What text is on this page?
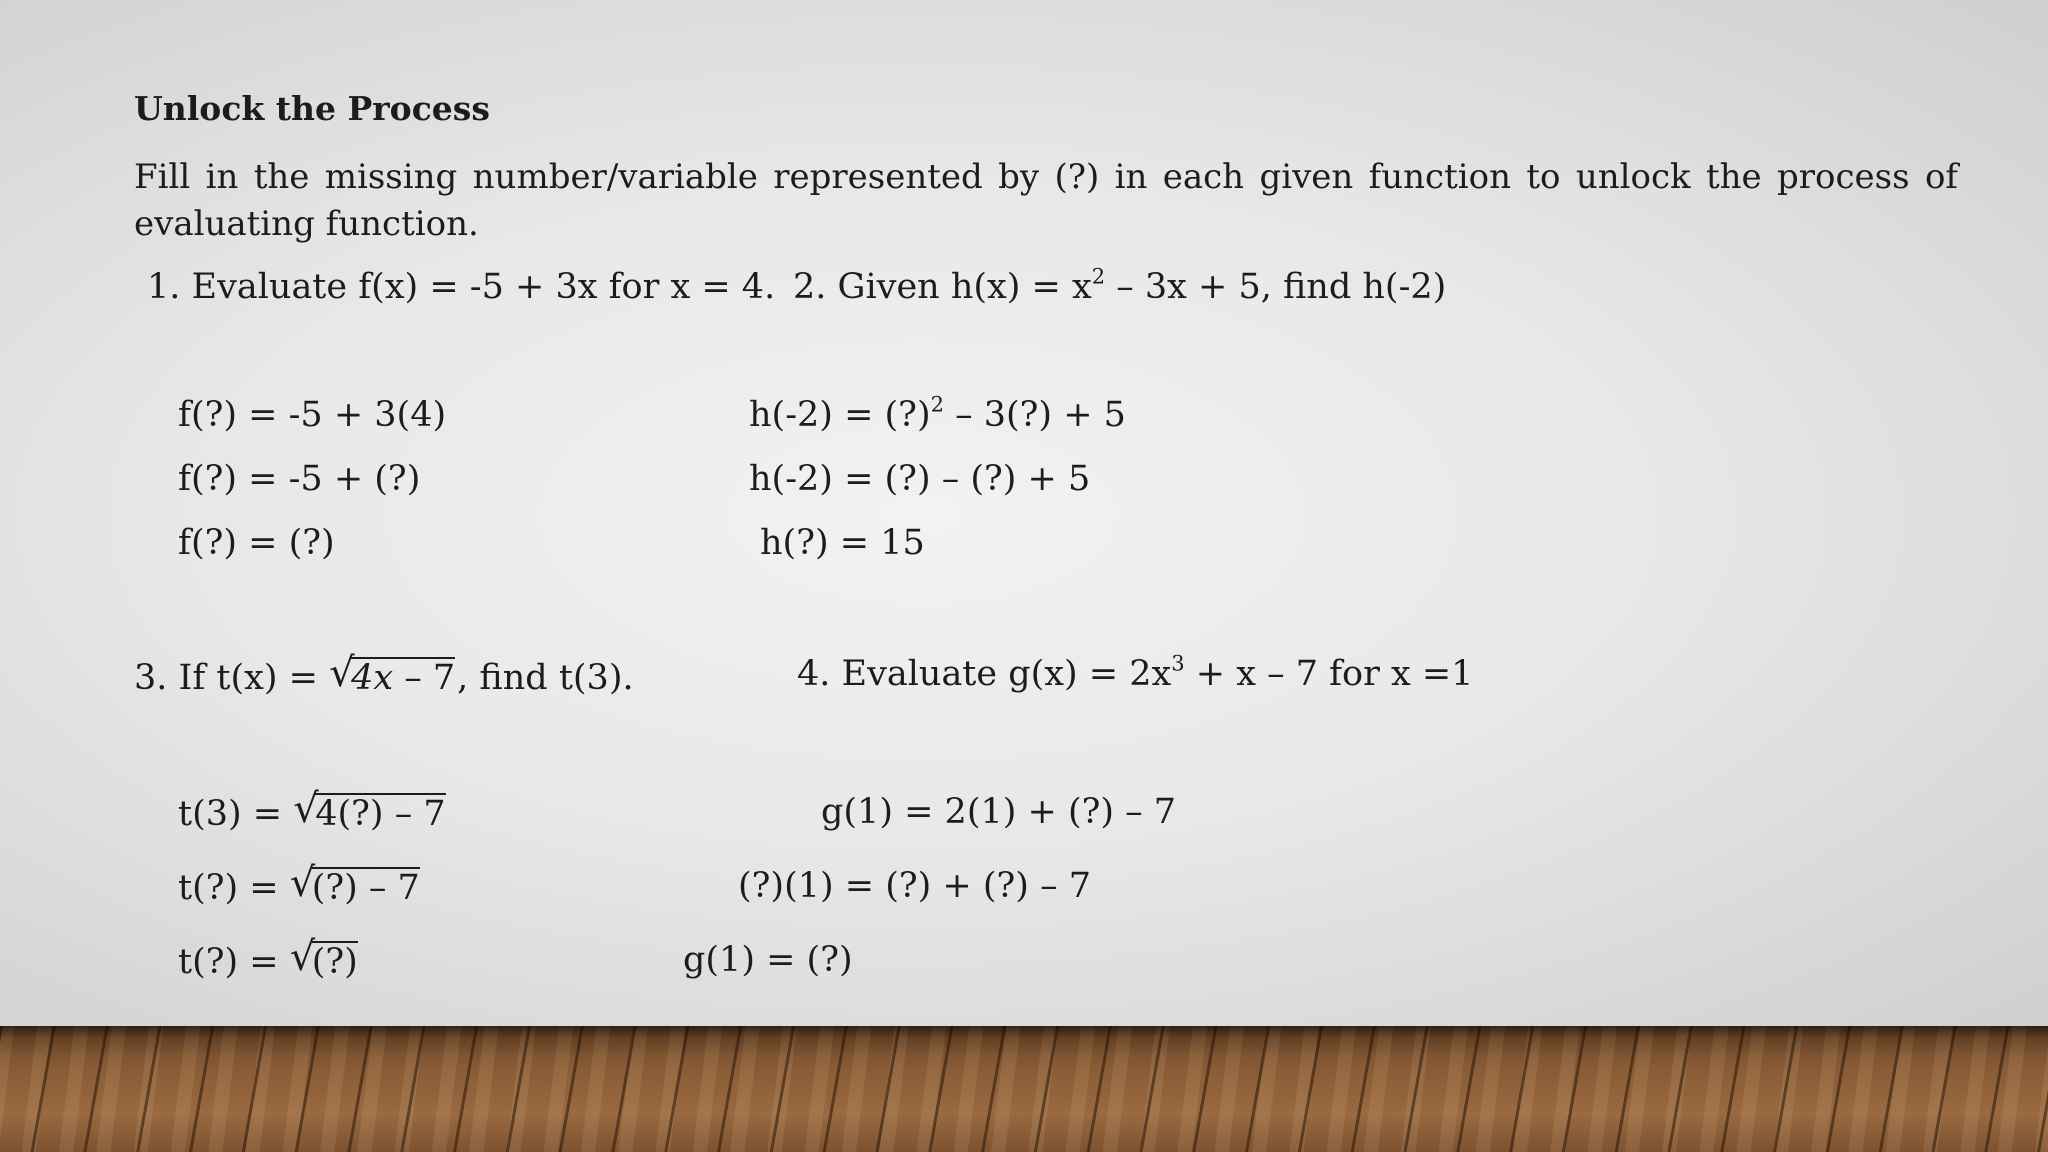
Unlock the Process
Fill in the missing number/variable represented by (?) in each given function to unlock the process of evaluating function.
1. Evaluate f(x) = -5 + 3x for x = 4.
f(?) = -5 + 3(4)
f(?) = -5 + (?)
f(?) = (?)
2. Given $h(x) = x^2 - 3x + 5$, find h(-2)
h(-2) = (?)$^2$ – 3(?) + 5
h(-2) = (?) – (?) + 5
h(?) = 15
3. If t(x) = √
4x – 7, find t(3).
t(3) = √
4(?) – 7
t(?) = √
(?) – 7
t(?) = √
(?)
4. Evaluate $g(x) = 2x^3 + x - 7$ for x =1
g(1) = 2(1) + (?) – 7
(?)(1) = (?) + (?) – 7
g(1) = (?)
